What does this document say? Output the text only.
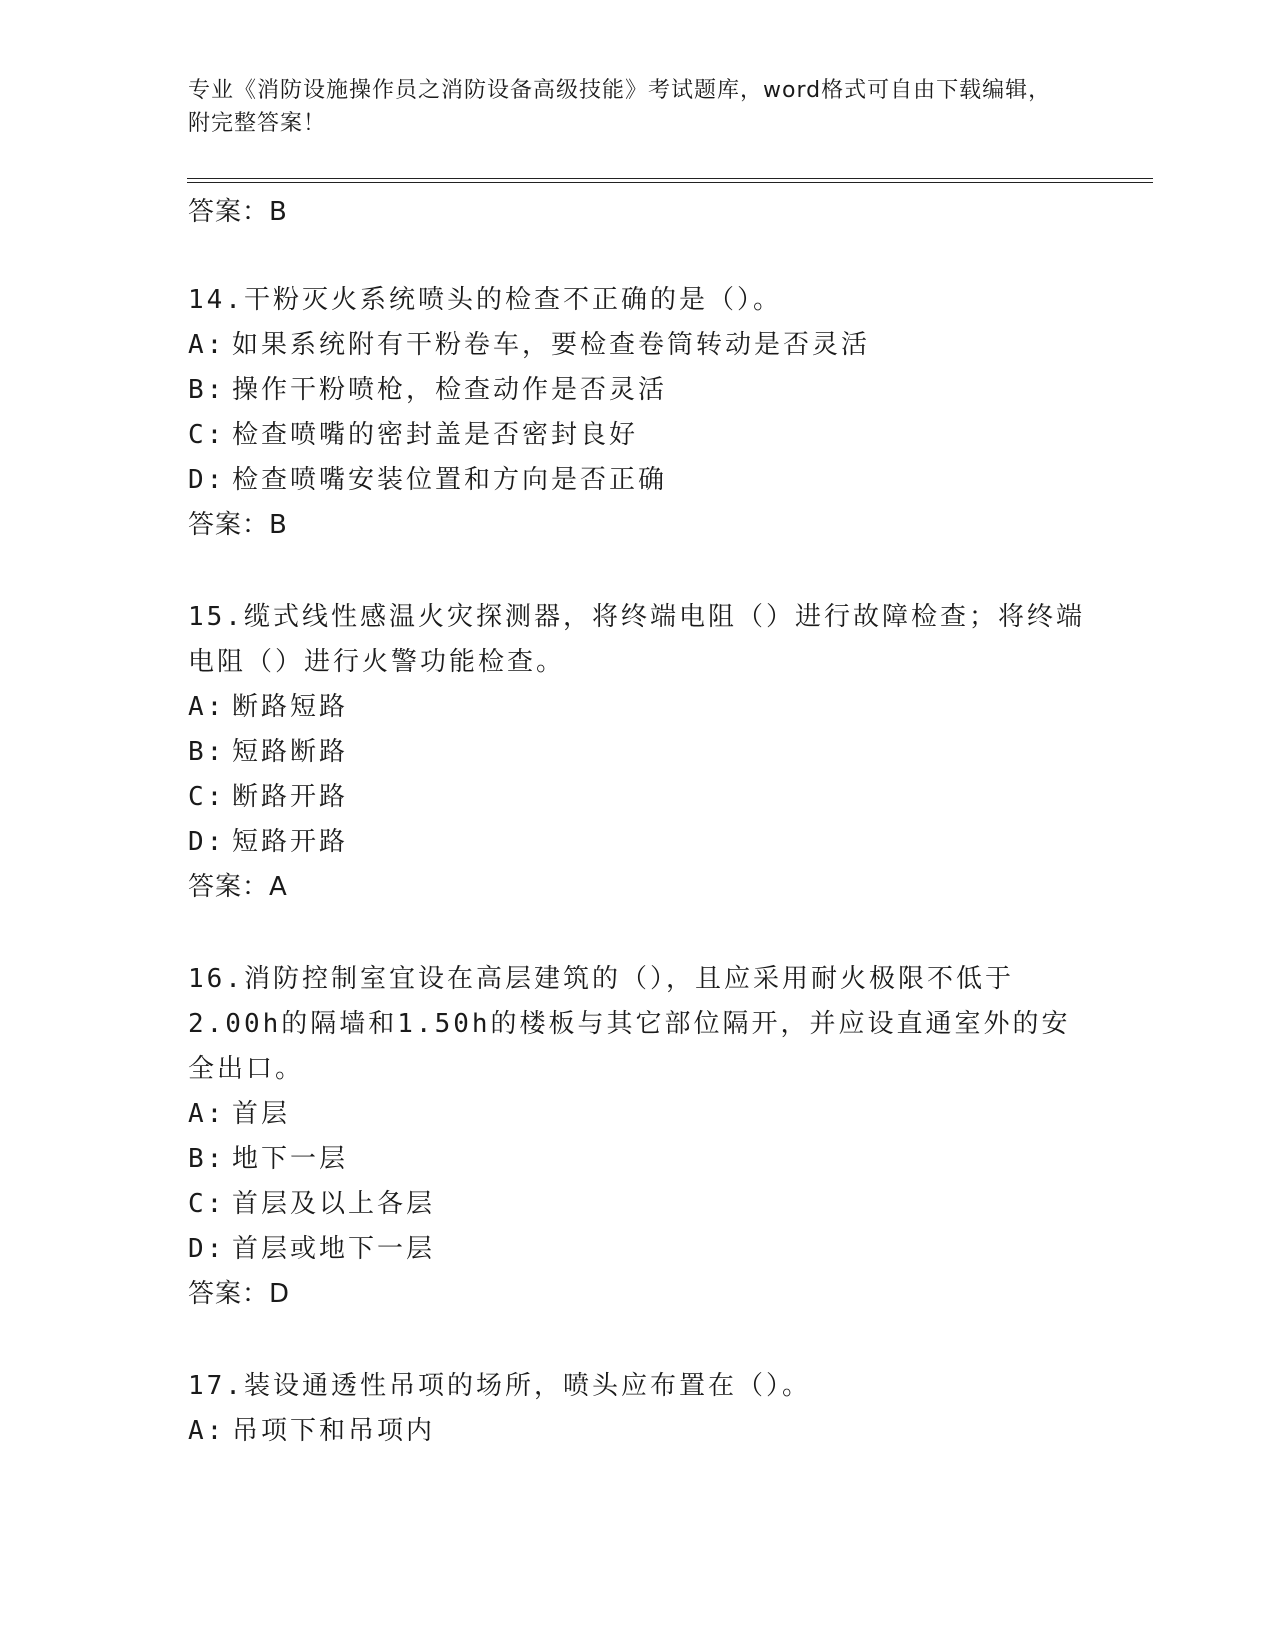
专业《消防设施操作员之消防设备高级技能》考试题库，word格式可自由下载编辑，附完整答案！
答案：B
14.干粉灭火系统喷头的检查不正确的是（）。
A: 如果系统附有干粉卷车，要检查卷筒转动是否灵活
B: 操作干粉喷枪，检查动作是否灵活
C: 检查喷嘴的密封盖是否密封良好
D: 检查喷嘴安装位置和方向是否正确
答案：B
15.缆式线性感温火灾探测器，将终端电阻（）进行故障检查；将终端电阻（）进行火警功能检查。
A: 断路短路
B: 短路断路
C: 断路开路
D: 短路开路
答案：A
16.消防控制室宜设在高层建筑的（），且应采用耐火极限不低于2.00h的隔墙和1.50h的楼板与其它部位隔开，并应设直通室外的安全出口。
A: 首层
B: 地下一层
C: 首层及以上各层
D: 首层或地下一层
答案：D
17.装设通透性吊项的场所，喷头应布置在（）。
A: 吊项下和吊项内
